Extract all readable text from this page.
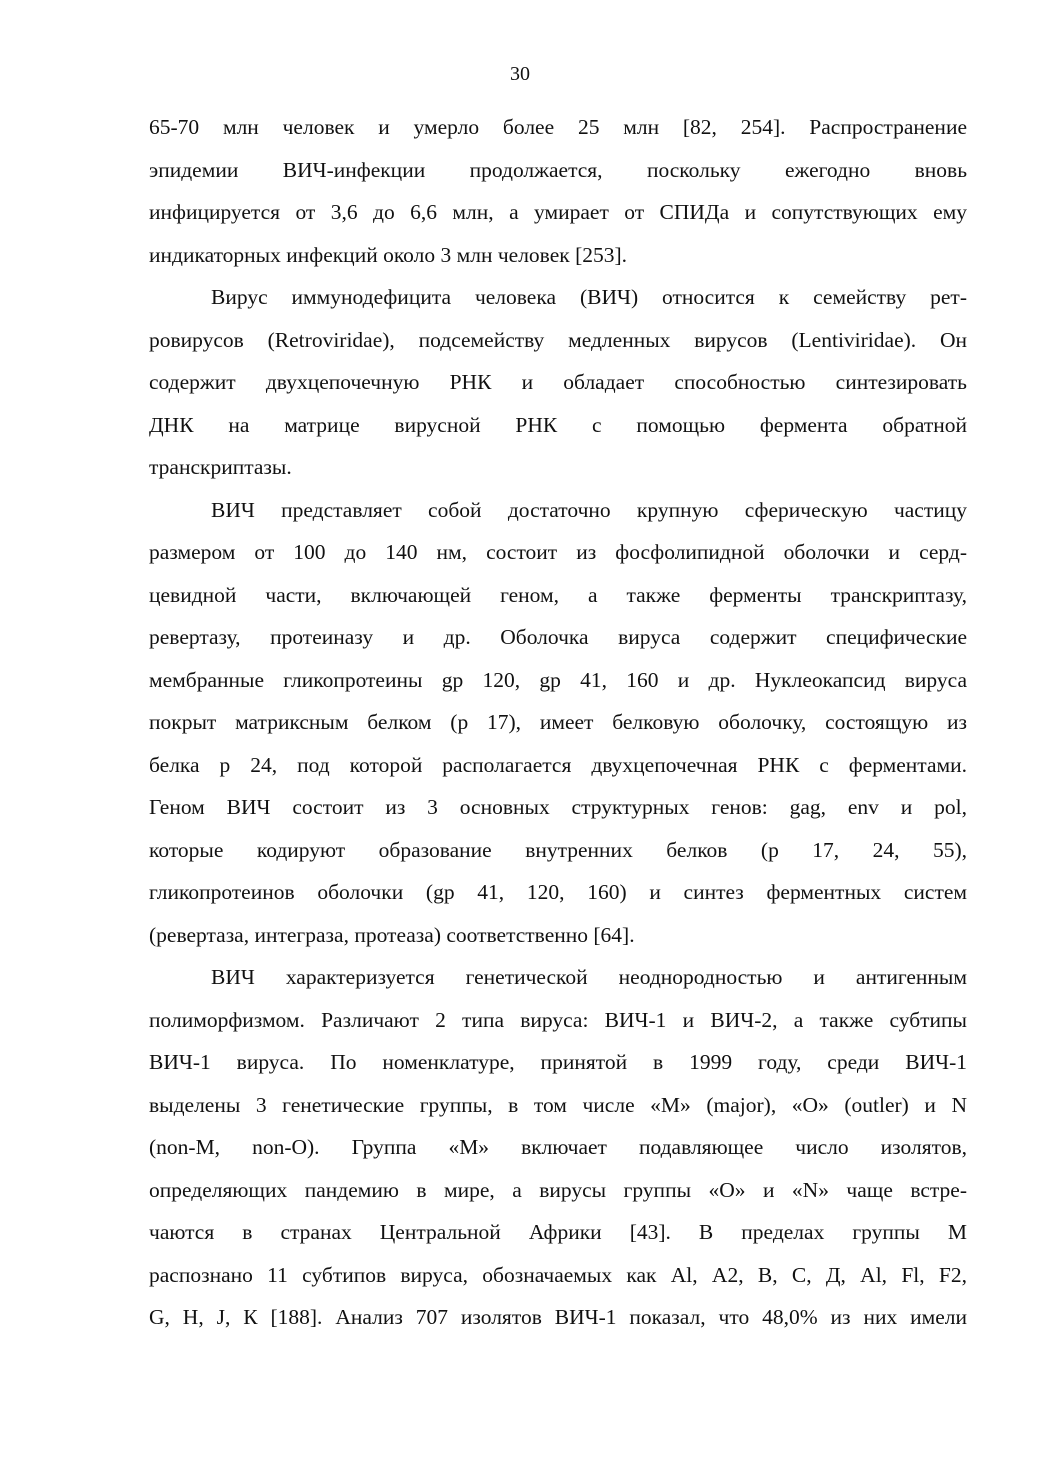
30
65-70 млн человек и умерло более 25 млн [82, 254]. Распространение
эпидемии ВИЧ-инфекции продолжается, поскольку ежегодно вновь
инфицируется от 3,6 до 6,6 млн, а умирает от СПИДа и сопутствующих ему
индикаторных инфекций около 3 млн человек [253].
Вирус иммунодефицита человека (ВИЧ) относится к семейству рет-
ровирусов (Retroviridae), подсемейству медленных вирусов (Lentiviridae). Он
содержит двухцепочечную РНК и обладает способностью синтезировать
ДНК на матрице вирусной РНК с помощью фермента обратной
транскриптазы.
ВИЧ представляет собой достаточно крупную сферическую частицу
размером от 100 до 140 нм, состоит из фосфолипидной оболочки и серд-
цевидной части, включающей геном, а также ферменты транскриптазу,
ревертазу, протеиназу и др. Оболочка вируса содержит специфические
мембранные гликопротеины gp 120, gp 41, 160 и др. Нуклеокапсид вируса
покрыт матриксным белком (р 17), имеет белковую оболочку, состоящую из
белка р 24, под которой располагается двухцепочечная РНК с ферментами.
Геном ВИЧ состоит из 3 основных структурных генов: gag, env и pol,
которые кодируют образование внутренних белков (р 17, 24, 55),
гликопротеинов оболочки (gp 41, 120, 160) и синтез ферментных систем
(ревертаза, интеграза, протеаза) соответственно [64].
ВИЧ характеризуется генетической неоднородностью и антигенным
полиморфизмом. Различают 2 типа вируса: ВИЧ-1 и ВИЧ-2, а также субтипы
ВИЧ-1 вируса. По номенклатуре, принятой в 1999 году, среди ВИЧ-1
выделены 3 генетические группы, в том числе «М» (major), «О» (outler) и N
(non-M, non-O). Группа «М» включает подавляющее число изолятов,
определяющих пандемию в мире, а вирусы группы «О» и «N» чаще встре-
чаются в странах Центральной Африки [43]. В пределах группы М
распознано 11 субтипов вируса, обозначаемых как Al, А2, В, С, Д, Al, Fl, F2,
G, Н, J, К [188]. Анализ 707 изолятов ВИЧ-1 показал, что 48,0% из них имели
